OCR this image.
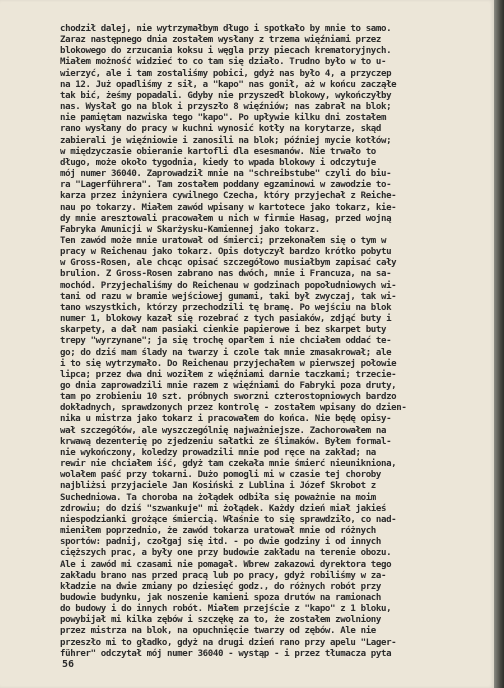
chodził dalej, nie wytrzymałbym długo i spotkało by mnie to samo.
Zaraz następnego dnia zostałem wysłany z trzema więźniami przez
blokowego do zrzucania koksu i węgla przy piecach krematoryjnych.
Miałem możność widzieć to co tam się działo. Trudno było w to u-
wierzyć, ale i tam zostaliśmy pobici, gdyż nas było 4, a przyczep
na 12. Już opadliśmy z sił, a "kapo" nas gonił, aż w końcu zacząłe
tak bić, żeśmy popadali. Gdyby nie przyszedł blokowy, wykończyłby
nas. Wysłał go na blok i przyszło 8 więźniów; nas zabrał na blok;
nie pamiętam nazwiska tego "kapo". Po upływie kilku dni zostałem
rano wysłany do pracy w kuchni wynosić kotły na korytarze, skąd
zabierali je więźniowie i zanosili na blok; później mycie kotłów;
w międzyczasie obieranie kartofli dla esesmanów. Nie trwało to
długo, może około tygodnia, kiedy to wpada blokowy i odczytuje
mój numer 36040. Zaprowadził mnie na "schreibstube" czyli do biu-
ra "Lagerführera". Tam zostałem poddany egzaminowi w zawodzie to-
karza przez inżyniera cywilnego Czecha, który przyjechał z Reiche-
nau po tokarzy. Miałem zawód wpisany w kartotece jako tokarz, kie-
dy mnie aresztowali pracowałem u nich w firmie Hasag, przed wojną
Fabryka Amunicji w Skarżysku-Kamiennej jako tokarz.
Ten zawód może mnie uratował od śmierci; przekonałem się o tym w
pracy w Reichenau jako tokarz. Opis dotyczył bardzo krótko pobytu
w Gross-Rosen, ale chcąc opisać szczegółowo musiałbym zapisać cały
brulion. Z Gross-Rosen zabrano nas dwóch, mnie i Francuza, na sa-
mochód. Przyjechaliśmy do Reichenau w godzinach popołudniowych wi-
tani od razu w bramie wejściowej gumami, taki był zwyczaj, tak wi-
tano wszystkich, którzy przechodzili tę bramę. Po wejściu na blok
numer 1, blokowy kazał się rozebrać z tych pasiaków, zdjąć buty i
skarpety, a dał nam pasiaki cienkie papierowe i bez skarpet buty
trepy "wyrzynane"; ja się trochę oparłem i nie chciałem oddać te-
go; do dziś mam ślady na twarzy i czole tak mnie zmasakrował; ale
i to się wytrzymało. Do Reichenau przyjechałem w pierwszej połowie
lipca; przez dwa dni woziłem z więźniami darnie taczkami; trzecie-
go dnia zaprowadzili mnie razem z więźniami do Fabryki poza druty,
tam po zrobieniu 10 szt. próbnych sworzni czterostopniowych bardzo
dokładnych, sprawdzonych przez kontrolę - zostałem wpisany do dzien-
nika u mistrza jako tokarz i pracowałem do końca. Nie będę opisy-
wał szczegółów, ale wyszczególnię najważniejsze. Zachorowałem na
krwawą dezenterię po zjedzeniu sałatki ze ślimaków. Byłem formal-
nie wykończony, koledzy prowadzili mnie pod ręce na zakład; na
rewir nie chciałem iść, gdyż tam czekała mnie śmierć nieunikniona,
wolałem paść przy tokarni. Dużo pomogli mi w czasie tej choroby
najbliżsi przyjaciele Jan Kosiński z Lublina i Józef Skrobot z
Suchedniowa. Ta choroba na żołądek odbiła się poważnie na moim
zdrowiu; do dziś "szwankuje" mi żołądek. Każdy dzień miał jakieś
niespodzianki grożące śmiercią. Właśnie to się sprawdziło, co nad-
mieniłem poprzednio, że zawód tokarza uratował mnie od różnych
sportów: padnij, czołgaj się itd. - po dwie godziny i od innych
cięższych prac, a były one przy budowie zakładu na terenie obozu.
Ale i zawód mi czasami nie pomagał. Wbrew zakazowi dyrektora tego
zakładu brano nas przed pracą lub po pracy, gdyż robiliśmy w za-
kładzie na dwie zmiany po dziesięć godz., do różnych robót przy
budowie budynku, jak noszenie kamieni spoza drutów na ramionach
do budowy i do innych robót. Miałem przejście z "kapo" z 1 bloku,
powybijał mi kilka zębów i szczękę za to, że zostałem zwolniony
przez mistrza na blok, na opuchnięcie twarzy od zębów. Ale nie
przeszło mi to gładko, gdyż na drugi dzień rano przy apelu "Lager-
führer" odczytał mój numer 36040 - wystąp - i przez tłumacza pyta
56
